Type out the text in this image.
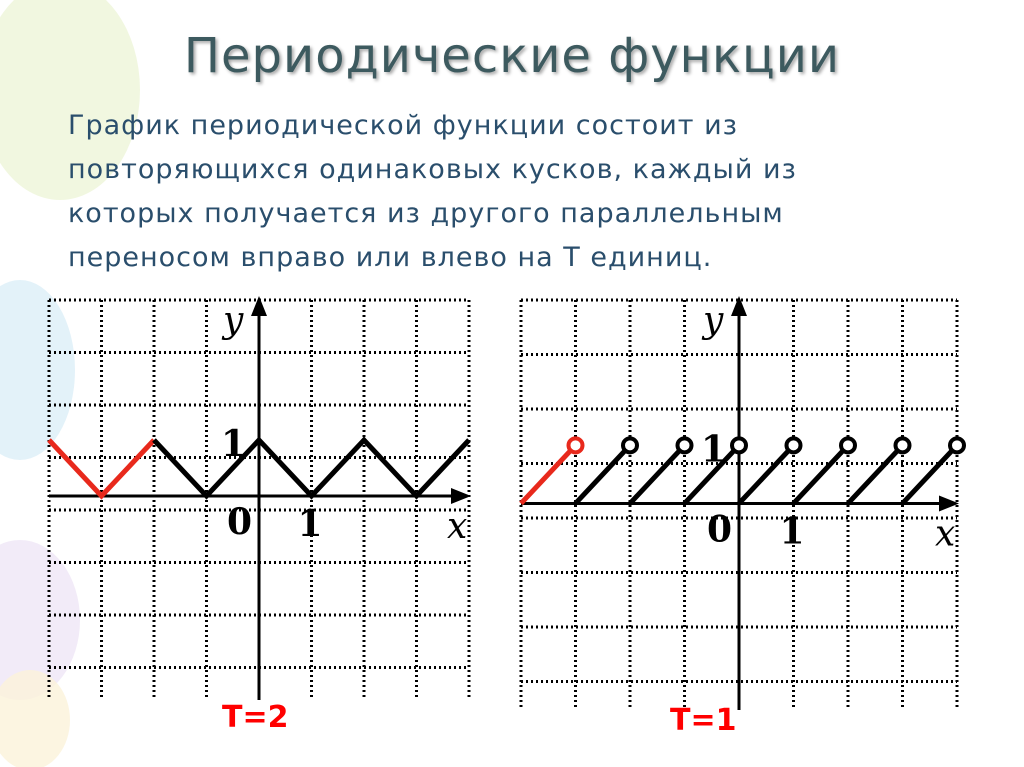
Периодические функции
График периодической функции состоит из
повторяющихся одинаковых кусков, каждый из
которых получается из другого параллельным
переносом вправо или влево на Т единиц.
y
x
0 1
1
T=2
y
x
0 1
1
T=1
